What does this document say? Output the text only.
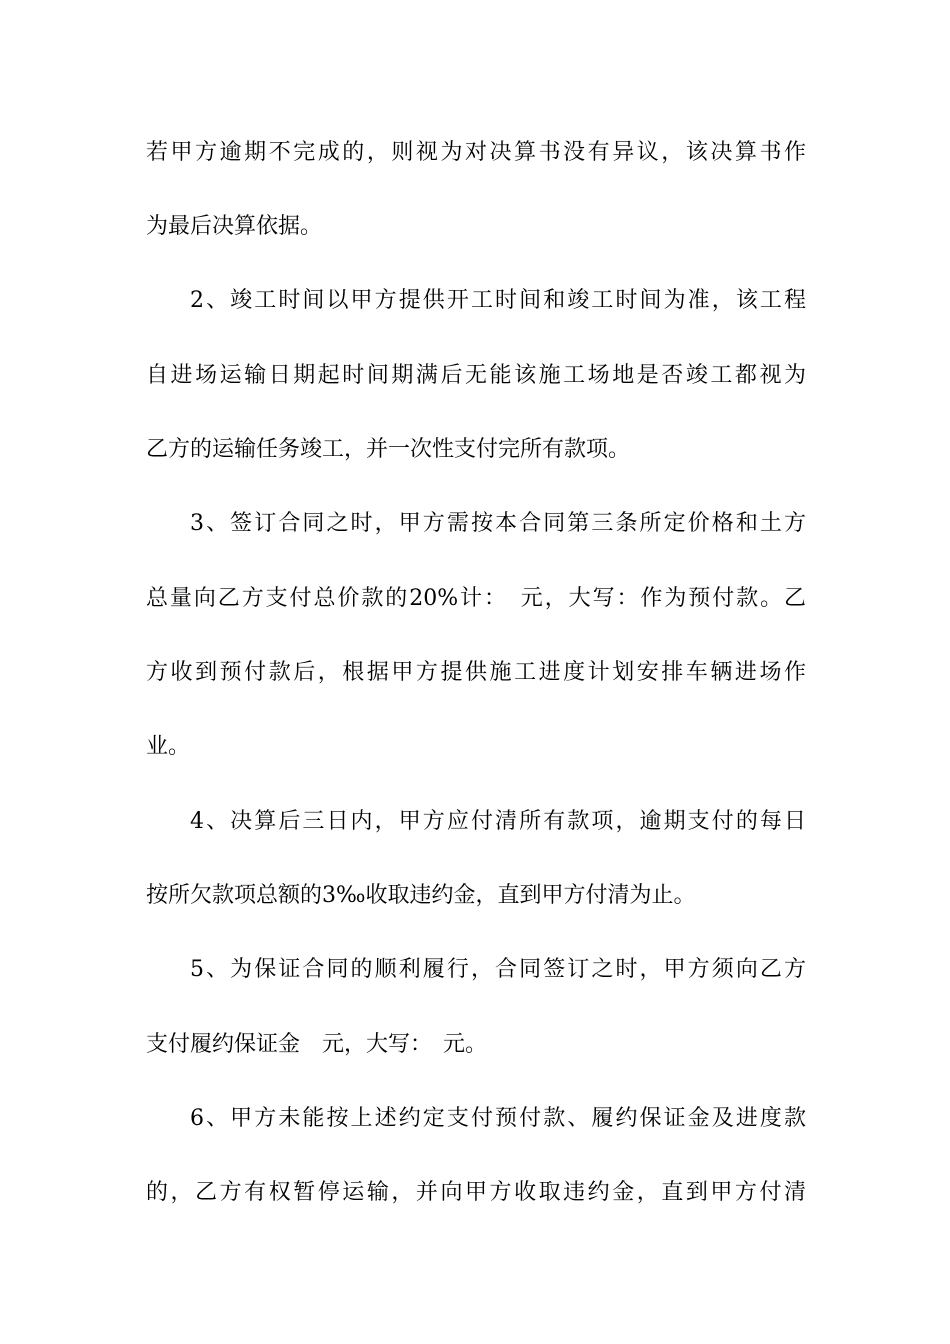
若甲方逾期不完成的，则视为对决算书没有异议，该决算书作
为最后决算依据。
2、竣工时间以甲方提供开工时间和竣工时间为准，该工程
自进场运输日期起时间期满后无能该施工场地是否竣工都视为
乙方的运输任务竣工，并一次性支付完所有款项。
3、签订合同之时，甲方需按本合同第三条所定价格和土方
总量向乙方支付总价款的20%计：　元，大写：作为预付款。乙
方收到预付款后，根据甲方提供施工进度计划安排车辆进场作
业。
4、决算后三日内，甲方应付清所有款项，逾期支付的每日
按所欠款项总额的3‰收取违约金，直到甲方付清为止。
5、为保证合同的顺利履行，合同签订之时，甲方须向乙方
支付履约保证金　元，大写：　元。
6、甲方未能按上述约定支付预付款、履约保证金及进度款
的，乙方有权暂停运输，并向甲方收取违约金，直到甲方付清
